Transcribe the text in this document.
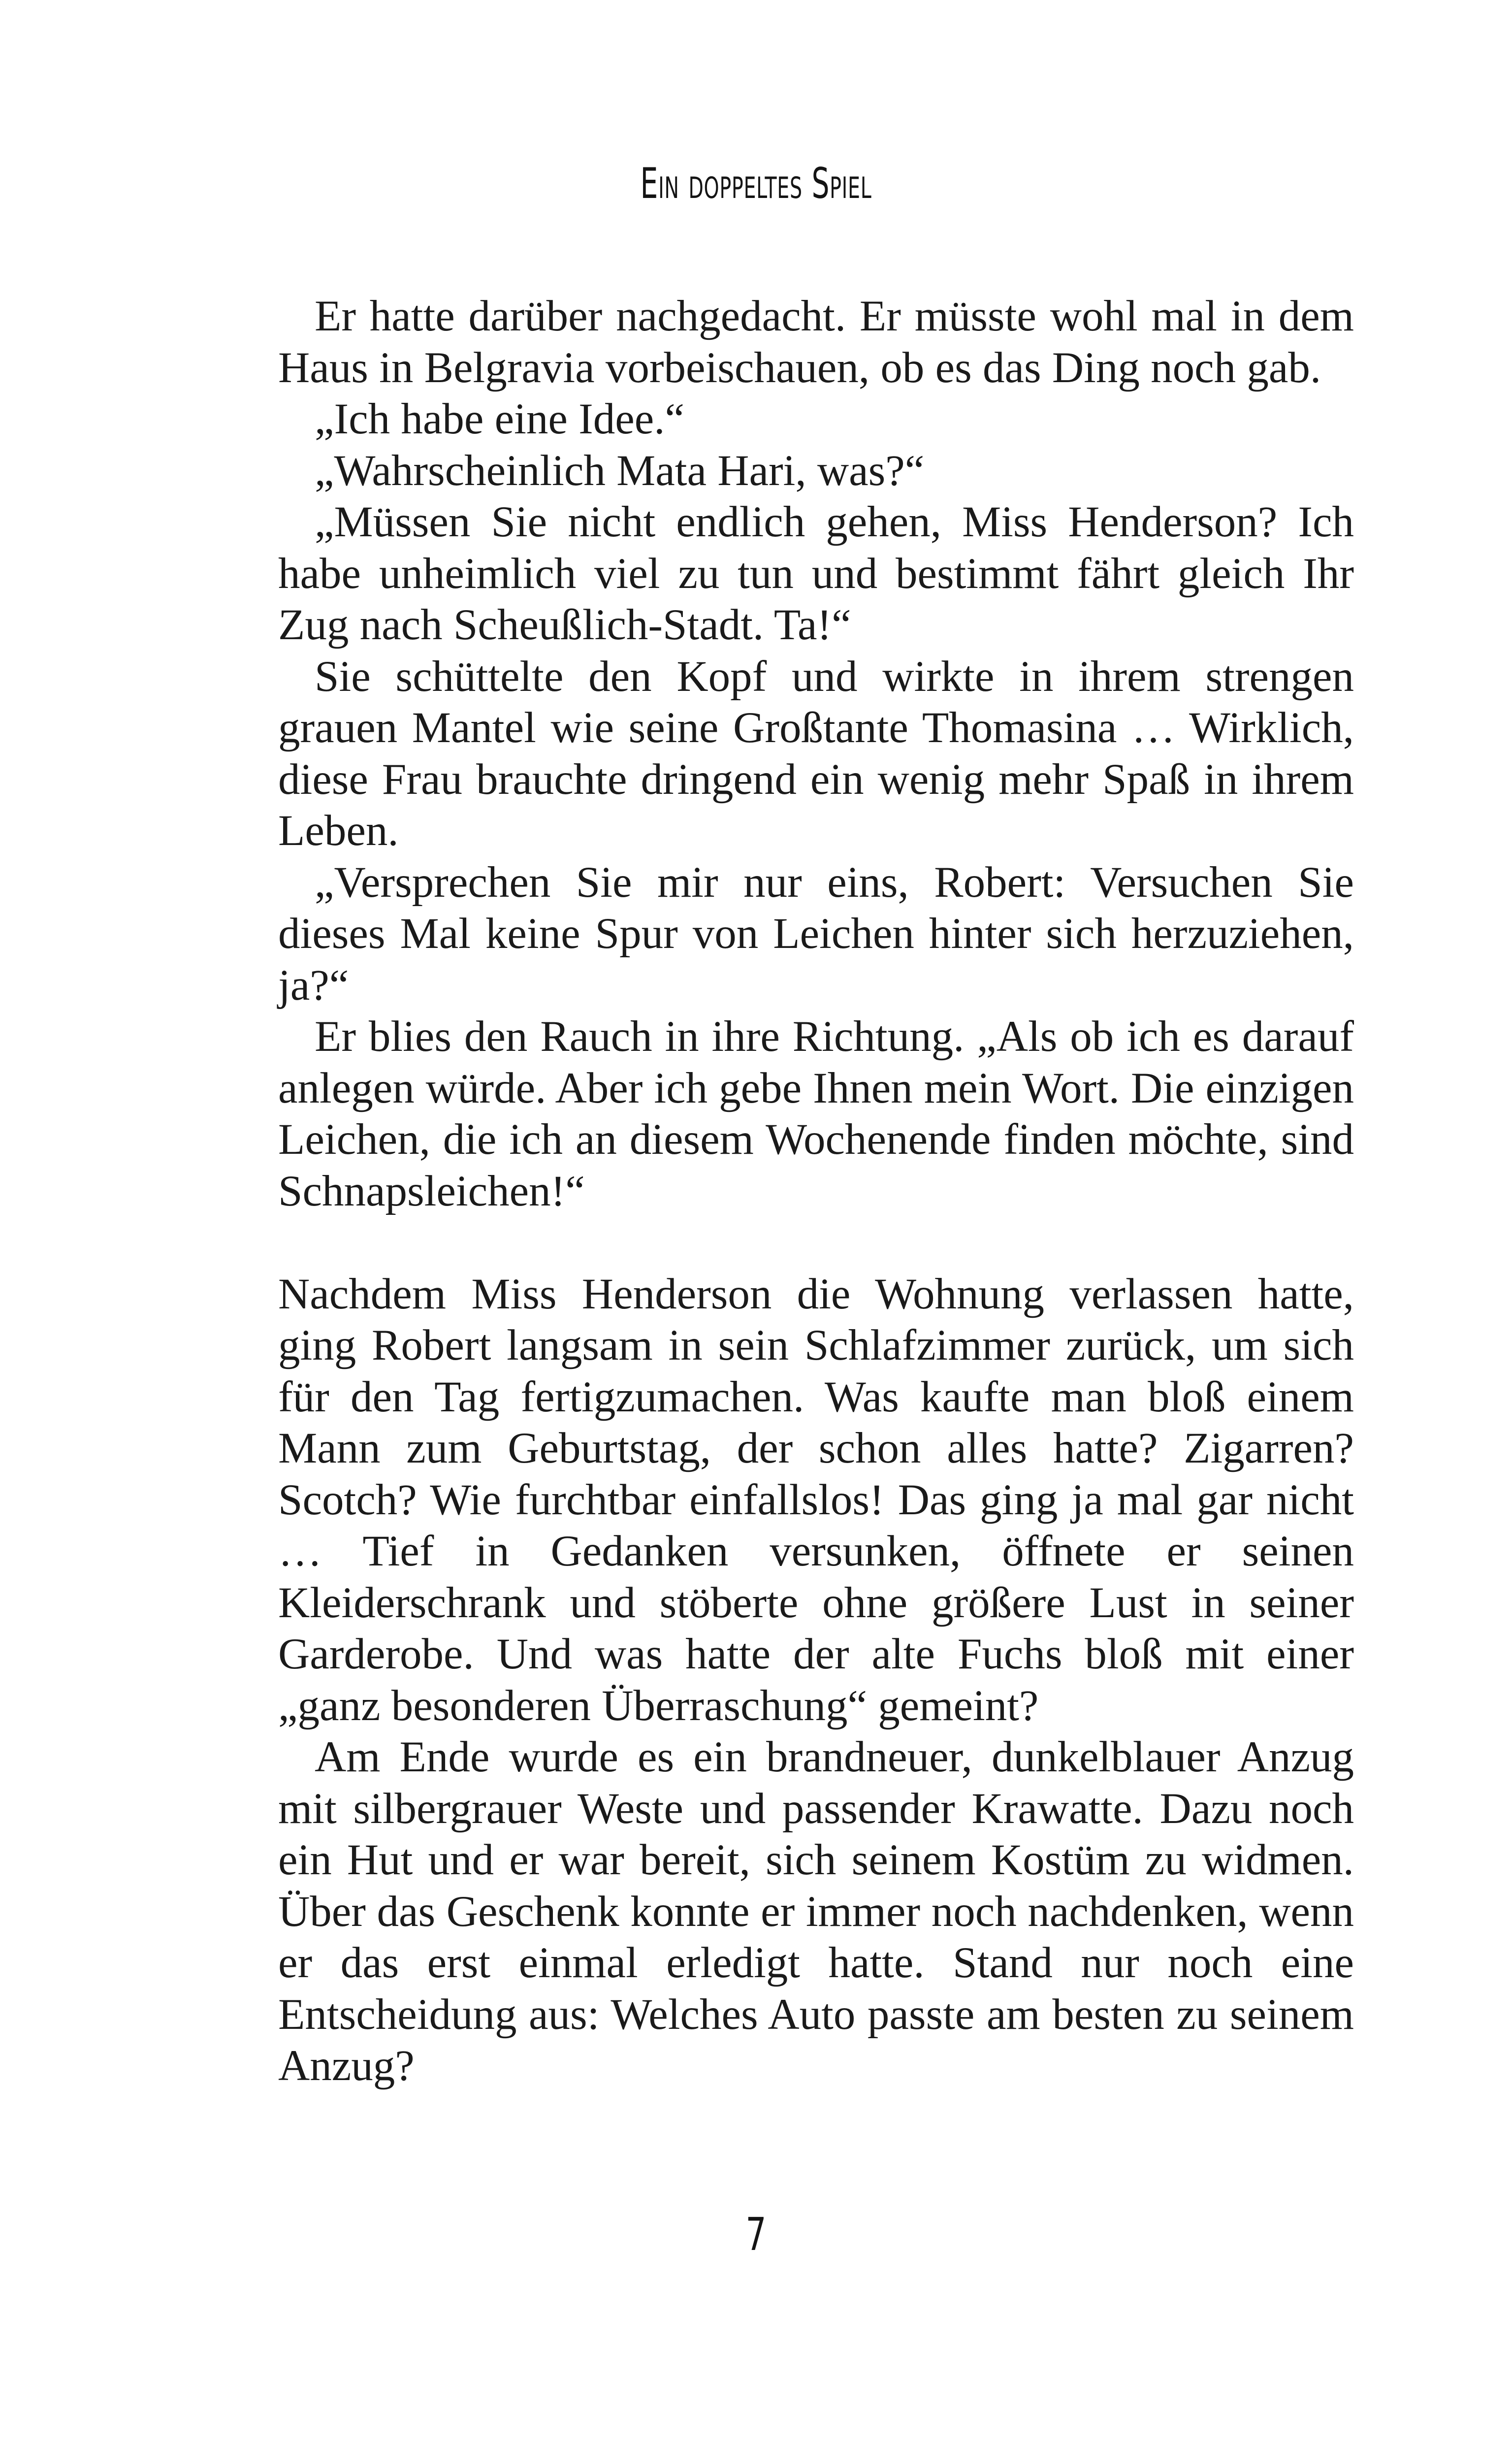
Ein doppeltes Spiel

Er hatte darüber nachgedacht. Er müsste wohl mal in dem Haus in Belgravia vorbeischauen, ob es das Ding noch gab.

„Ich habe eine Idee.“

„Wahrscheinlich Mata Hari, was?“

„Müssen Sie nicht endlich gehen, Miss Henderson? Ich habe unheimlich viel zu tun und bestimmt fährt gleich Ihr Zug nach Scheußlich-Stadt. Ta!“

Sie schüttelte den Kopf und wirkte in ihrem strengen grauen Mantel wie seine Großtante Thomasina … Wirklich, diese Frau brauchte dringend ein wenig mehr Spaß in ihrem Leben.

„Versprechen Sie mir nur eins, Robert: Versuchen Sie dieses Mal keine Spur von Leichen hinter sich herzuziehen, ja?“

Er blies den Rauch in ihre Richtung. „Als ob ich es darauf anlegen würde. Aber ich gebe Ihnen mein Wort. Die einzigen Leichen, die ich an diesem Wochenende finden möchte, sind Schnapsleichen!“

Nachdem Miss Henderson die Wohnung verlassen hatte, ging Robert langsam in sein Schlafzimmer zurück, um sich für den Tag fertigzumachen. Was kaufte man bloß einem Mann zum Geburtstag, der schon alles hatte? Zigarren? Scotch? Wie furchtbar einfallslos! Das ging ja mal gar nicht … Tief in Gedanken versunken, öffnete er seinen Kleiderschrank und stöberte ohne größere Lust in seiner Garderobe. Und was hatte der alte Fuchs bloß mit einer „ganz besonderen Überraschung“ gemeint?

Am Ende wurde es ein brandneuer, dunkelblauer Anzug mit silbergrauer Weste und passender Krawatte. Dazu noch ein Hut und er war bereit, sich seinem Kostüm zu widmen. Über das Geschenk konnte er immer noch nachdenken, wenn er das erst einmal erledigt hatte. Stand nur noch eine Entscheidung aus: Welches Auto passte am besten zu seinem Anzug?

7
